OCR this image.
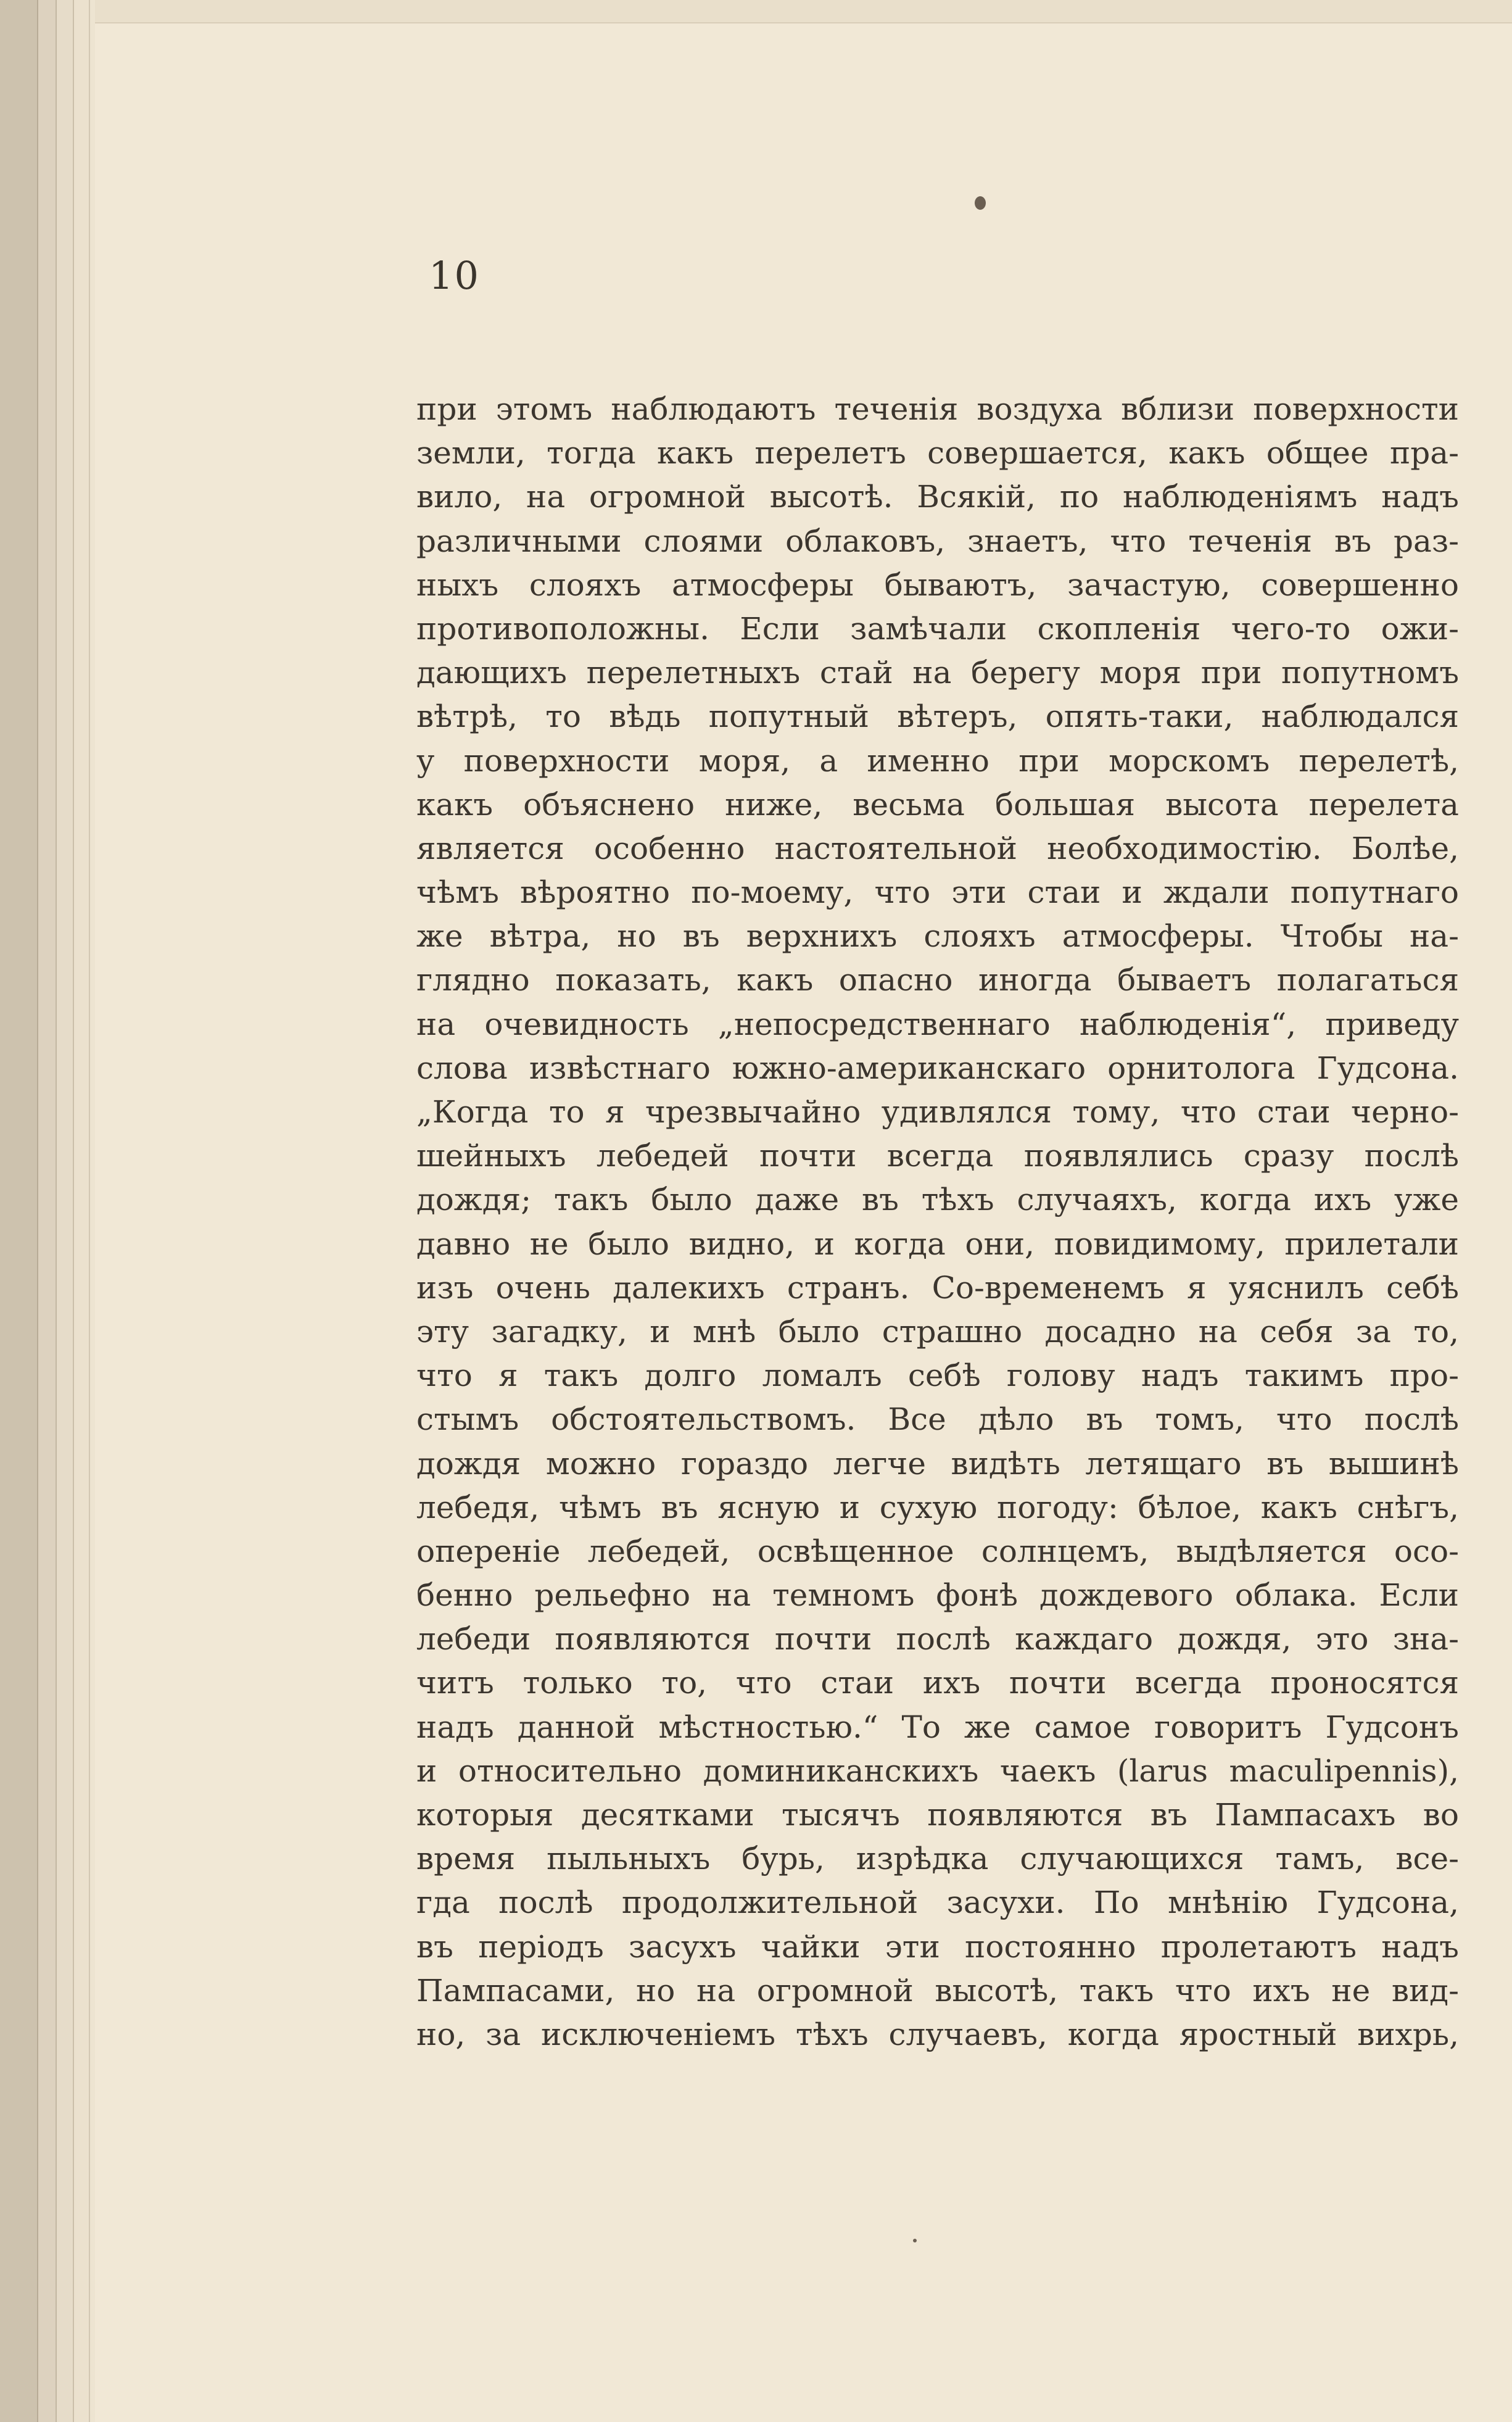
10
при этомъ наблюдаютъ теченія воздуха вблизи поверхности
земли, тогда какъ перелетъ совершается, какъ общее пра-
вило, на огромной высотѣ. Всякій, по наблюденіямъ надъ
различными слоями облаковъ, знаетъ, что теченія въ раз-
ныхъ слояхъ атмосферы бываютъ, зачастую, совершенно
противоположны. Если замѣчали скопленія чего-то ожи-
дающихъ перелетныхъ стай на берегу моря при попутномъ
вѣтрѣ, то вѣдь попутный вѣтеръ, опять-таки, наблюдался
у поверхности моря, а именно при морскомъ перелетѣ,
какъ объяснено ниже, весьма большая высота перелета
является особенно настоятельной необходимостію. Болѣе,
чѣмъ вѣроятно по-моему, что эти стаи и ждали попутнаго
же вѣтра, но въ верхнихъ слояхъ атмосферы. Чтобы на-
глядно показать, какъ опасно иногда бываетъ полагаться
на очевидность „непосредственнаго наблюденія“, приведу
слова извѣстнаго южно-американскаго орнитолога Гудсона.
„Когда то я чрезвычайно удивлялся тому, что стаи черно-
шейныхъ лебедей почти всегда появлялись сразу послѣ
дождя; такъ было даже въ тѣхъ случаяхъ, когда ихъ уже
давно не было видно, и когда они, повидимому, прилетали
изъ очень далекихъ странъ. Со-временемъ я уяснилъ себѣ
эту загадку, и мнѣ было страшно досадно на себя за то,
что я такъ долго ломалъ себѣ голову надъ такимъ про-
стымъ обстоятельствомъ. Все дѣло въ томъ, что послѣ
дождя можно гораздо легче видѣть летящаго въ вышинѣ
лебедя, чѣмъ въ ясную и сухую погоду: бѣлое, какъ снѣгъ,
опереніе лебедей, освѣщенное солнцемъ, выдѣляется осо-
бенно рельефно на темномъ фонѣ дождевого облака. Если
лебеди появляются почти послѣ каждаго дождя, это зна-
читъ только то, что стаи ихъ почти всегда проносятся
надъ данной мѣстностью.“ То же самое говоритъ Гудсонъ
и относительно доминиканскихъ чаекъ (larus maculipennis),
которыя десятками тысячъ появляются въ Пампасахъ во
время пыльныхъ бурь, изрѣдка случающихся тамъ, все-
гда послѣ продолжительной засухи. По мнѣнію Гудсона,
въ періодъ засухъ чайки эти постоянно пролетаютъ надъ
Пампасами, но на огромной высотѣ, такъ что ихъ не вид-
но, за исключеніемъ тѣхъ случаевъ, когда яростный вихрь,
